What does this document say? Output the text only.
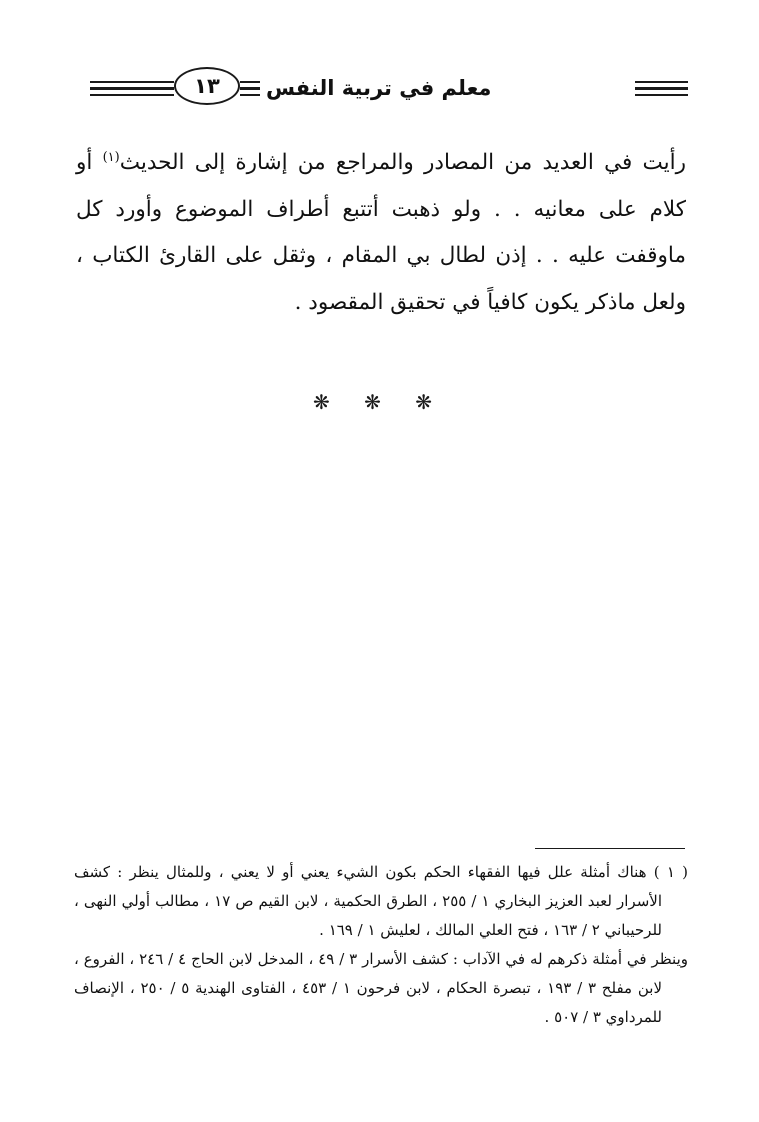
١٣	معلم في تربية النفس

رأيت في العديد من المصادر والمراجع من إشارة إلى الحديث$^{(١)}$ أو كلام على معانيه . . ولو ذهبت أتتبع أطراف الموضوع وأورد كل ماوقفت عليه . . إذن لطال بي المقام ، وثقل على القارئ الكتاب ، ولعل ماذكر يكون كافياً في تحقيق المقصود .

❋ ❋ ❋

( ١ ) هناك أمثلة علل فيها الفقهاء الحكم بكون الشيء يعني أو لا يعني ، وللمثال ينظر : كشف الأسرار لعبد العزيز البخاري ١ / ٢٥٥ ، الطرق الحكمية ، لابن القيم ص ١٧ ، مطالب أولي النهى ، للرحيباني ٢ / ١٦٣ ، فتح العلي المالك ، لعليش ١ / ١٦٩ .

وينظر في أمثلة ذكرهم له في الآداب : كشف الأسرار ٣ / ٤٩ ، المدخل لابن الحاج ٤ / ٢٤٦ ، الفروع ، لابن مفلح ٣ / ١٩٣ ، تبصرة الحكام ، لابن فرحون ١ / ٤٥٣ ، الفتاوى الهندية ٥ / ٢٥٠ ، الإنصاف للمرداوي ٣ / ٥٠٧ .
